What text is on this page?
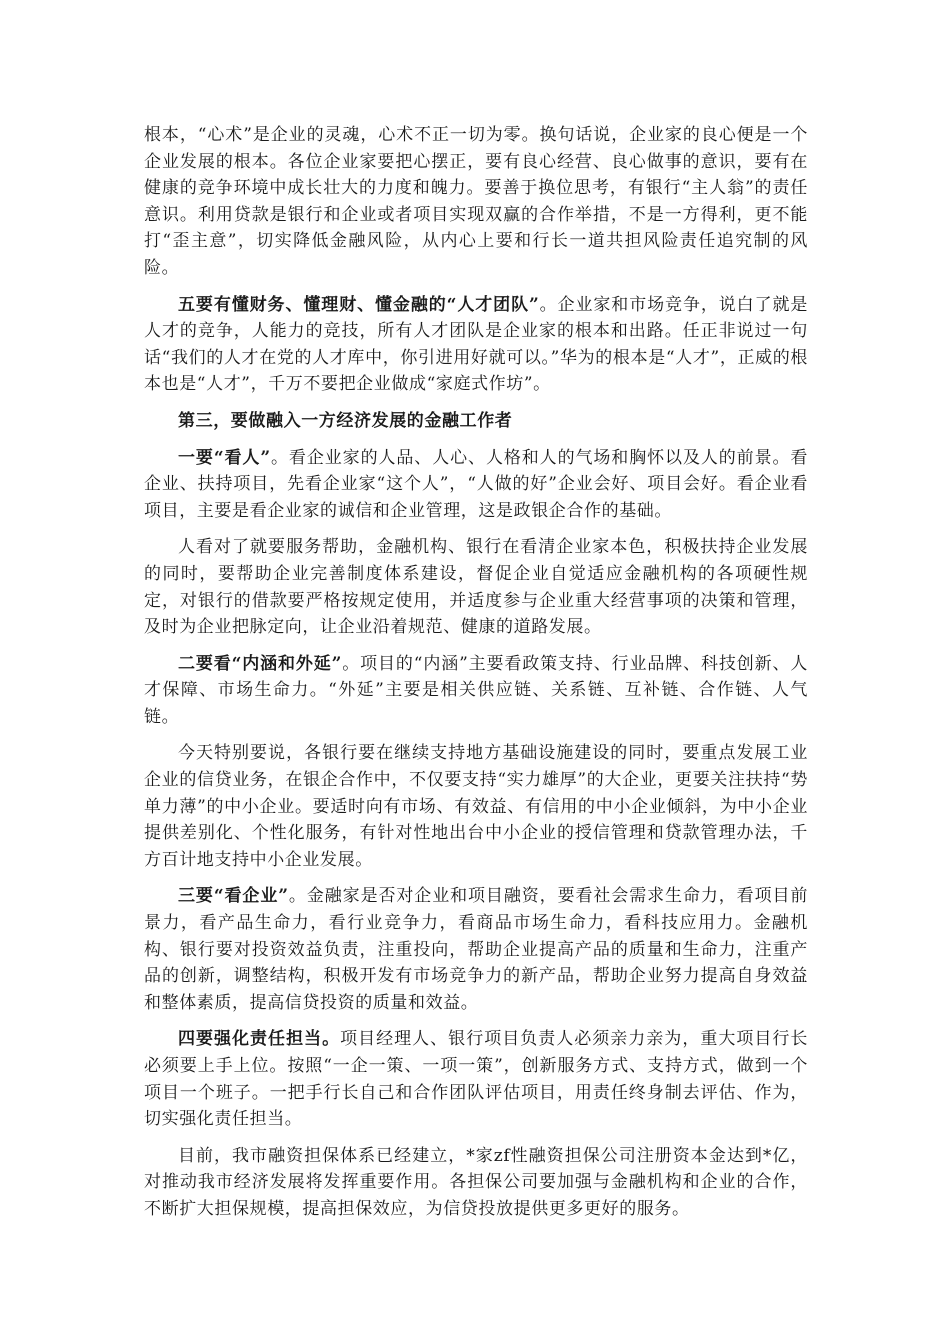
根本，“心术”是企业的灵魂，心术不正一切为零。换句话说，企业家的良心便是一个企业发展的根本。各位企业家要把心摆正，要有良心经营、良心做事的意识，要有在健康的竞争环境中成长壮大的力度和魄力。要善于换位思考，有银行“主人翁”的责任意识。利用贷款是银行和企业或者项目实现双赢的合作举措，不是一方得利，更不能打“歪主意”，切实降低金融风险，从内心上要和行长一道共担风险责任追究制的风险。

五要有懂财务、懂理财、懂金融的“人才团队”。企业家和市场竞争，说白了就是人才的竞争，人能力的竞技，所有人才团队是企业家的根本和出路。任正非说过一句话“我们的人才在党的人才库中，你引进用好就可以。”华为的根本是“人才”，正威的根本也是“人才”，千万不要把企业做成“家庭式作坊”。

第三，要做融入一方经济发展的金融工作者

一要“看人”。看企业家的人品、人心、人格和人的气场和胸怀以及人的前景。看企业、扶持项目，先看企业家“这个人”，“人做的好”企业会好、项目会好。看企业看项目，主要是看企业家的诚信和企业管理，这是政银企合作的基础。

人看对了就要服务帮助，金融机构、银行在看清企业家本色，积极扶持企业发展的同时，要帮助企业完善制度体系建设，督促企业自觉适应金融机构的各项硬性规定，对银行的借款要严格按规定使用，并适度参与企业重大经营事项的决策和管理，及时为企业把脉定向，让企业沿着规范、健康的道路发展。

二要看“内涵和外延”。项目的“内涵”主要看政策支持、行业品牌、科技创新、人才保障、市场生命力。“外延”主要是相关供应链、关系链、互补链、合作链、人气链。

今天特别要说，各银行要在继续支持地方基础设施建设的同时，要重点发展工业企业的信贷业务，在银企合作中，不仅要支持“实力雄厚”的大企业，更要关注扶持“势单力薄”的中小企业。要适时向有市场、有效益、有信用的中小企业倾斜，为中小企业提供差别化、个性化服务，有针对性地出台中小企业的授信管理和贷款管理办法，千方百计地支持中小企业发展。

三要“看企业”。金融家是否对企业和项目融资，要看社会需求生命力，看项目前景力，看产品生命力，看行业竞争力，看商品市场生命力，看科技应用力。金融机构、银行要对投资效益负责，注重投向，帮助企业提高产品的质量和生命力，注重产品的创新，调整结构，积极开发有市场竞争力的新产品，帮助企业努力提高自身效益和整体素质，提高信贷投资的质量和效益。

四要强化责任担当。项目经理人、银行项目负责人必须亲力亲为，重大项目行长必须要上手上位。按照“一企一策、一项一策”，创新服务方式、支持方式，做到一个项目一个班子。一把手行长自己和合作团队评估项目，用责任终身制去评估、作为，切实强化责任担当。

目前，我市融资担保体系已经建立，*家zf性融资担保公司注册资本金达到*亿，对推动我市经济发展将发挥重要作用。各担保公司要加强与金融机构和企业的合作，不断扩大担保规模，提高担保效应，为信贷投放提供更多更好的服务。
